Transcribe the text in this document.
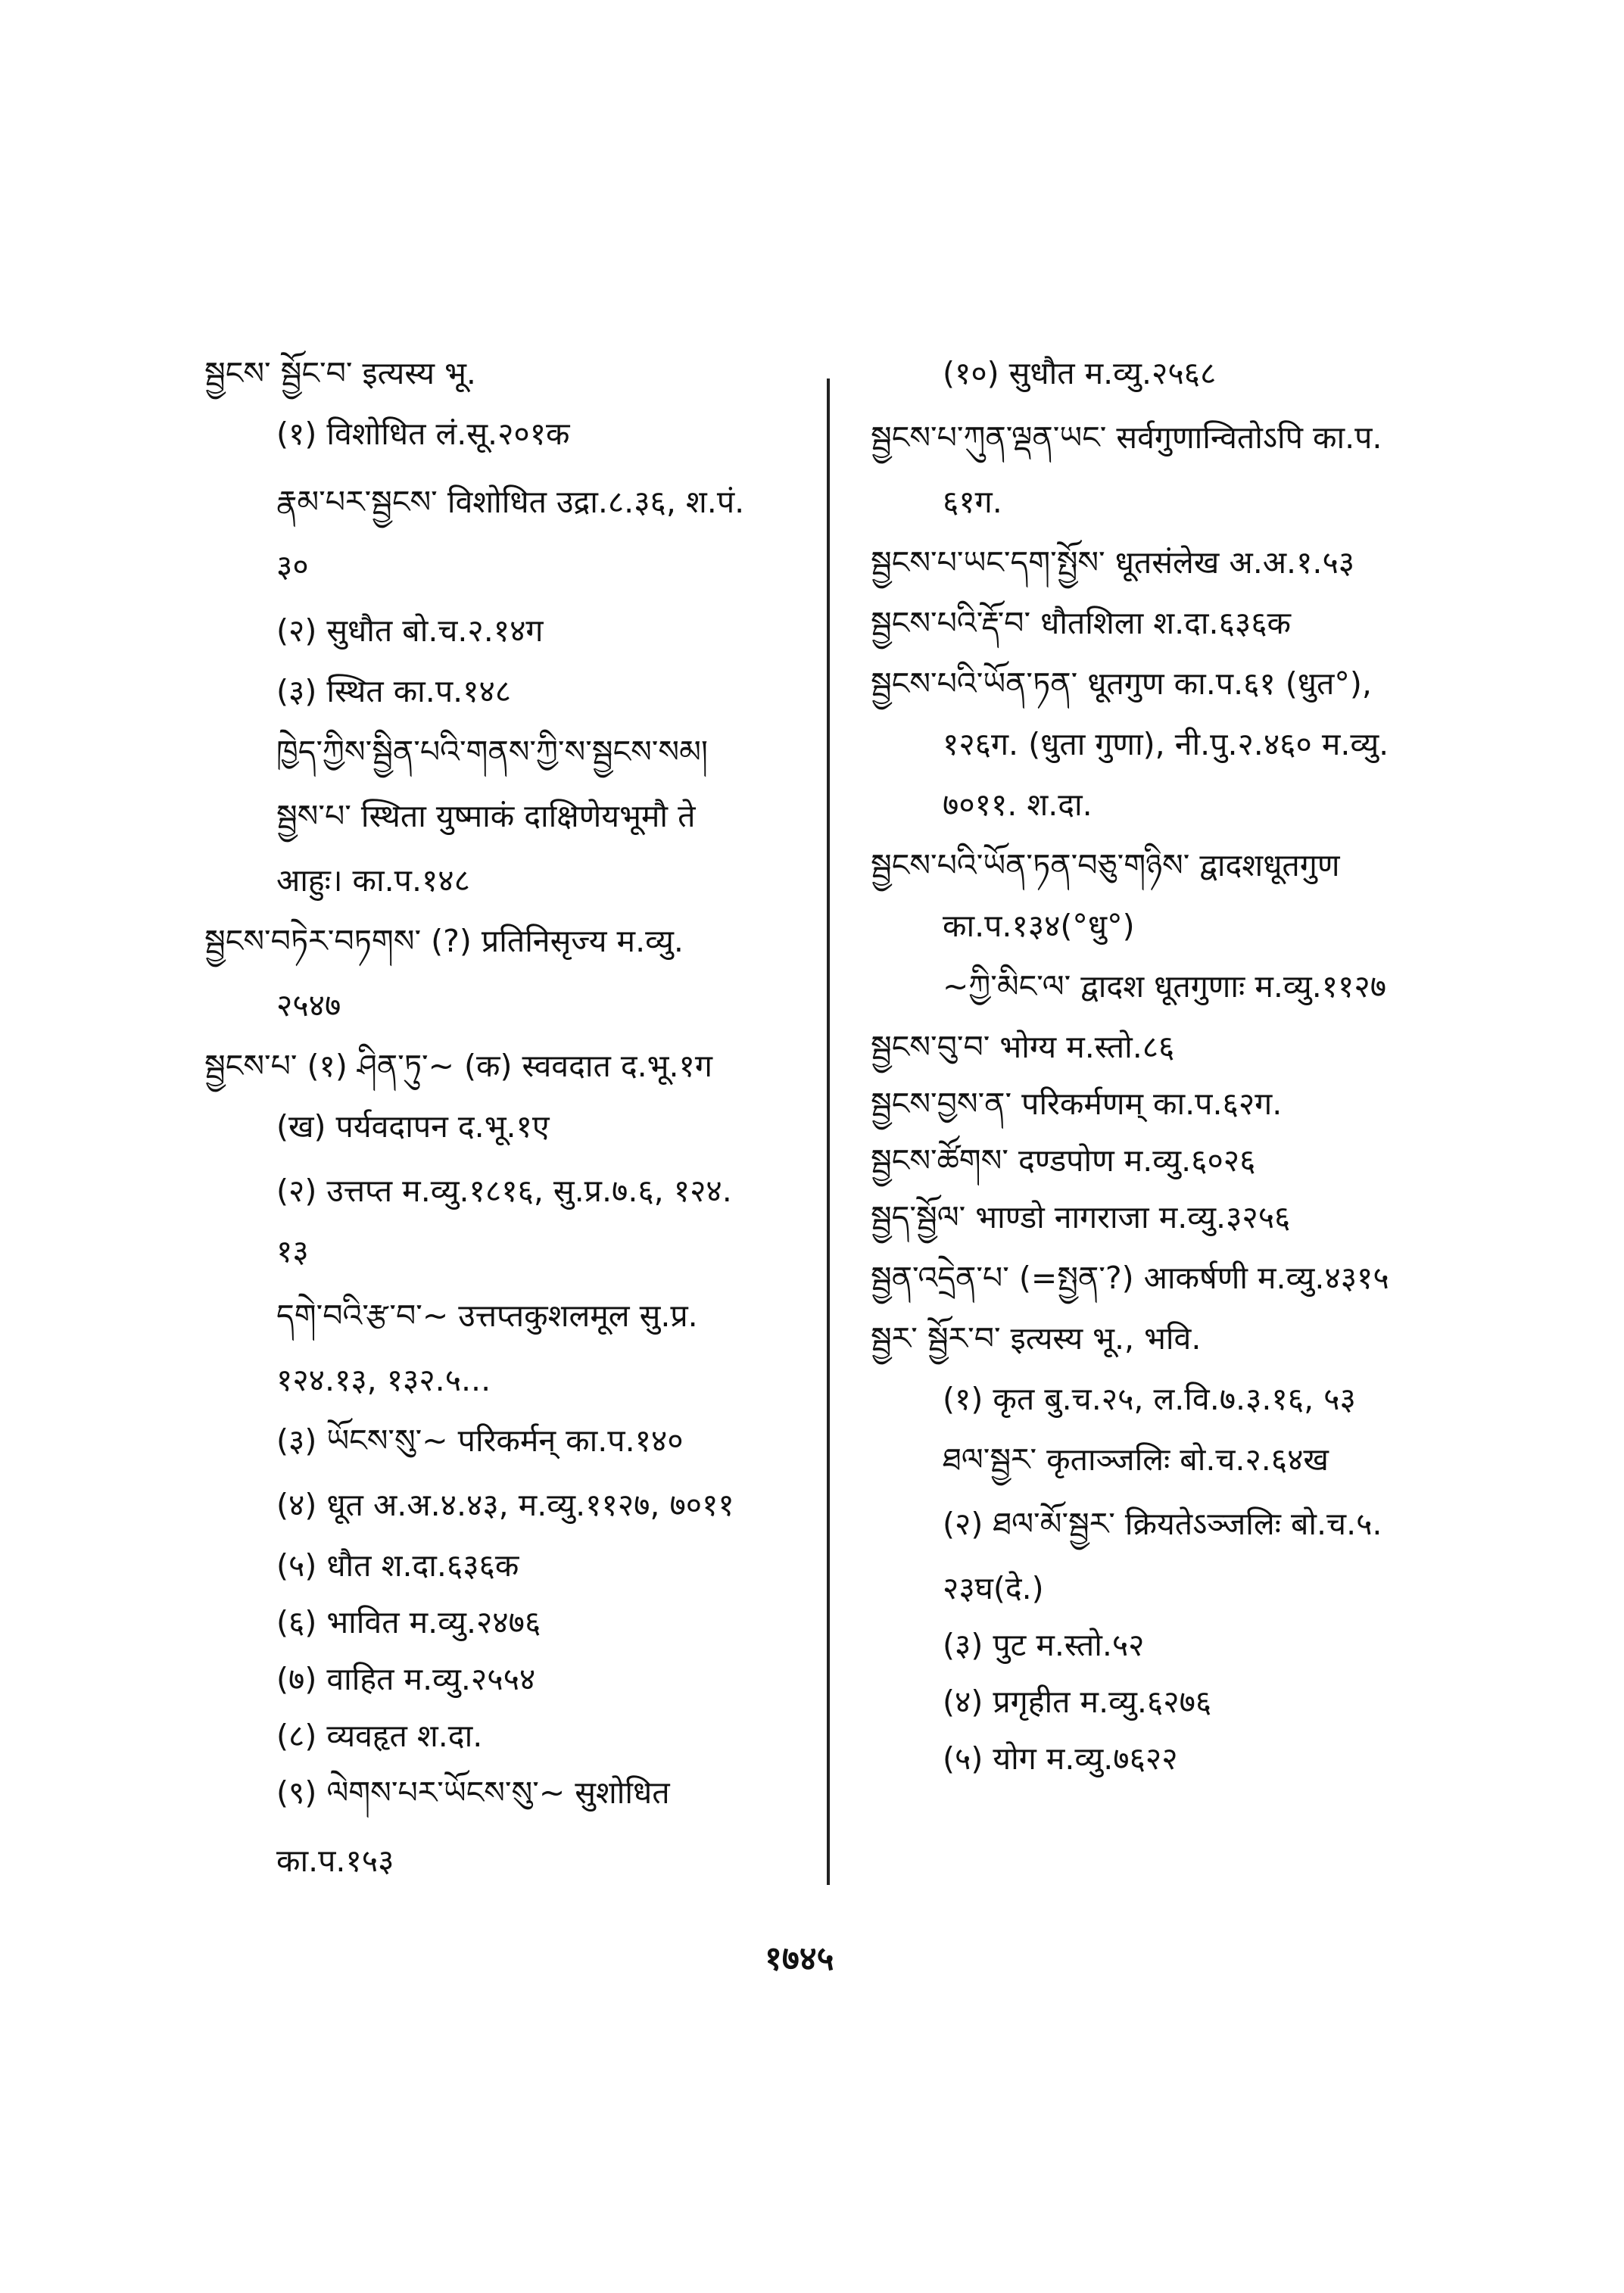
སྦྱངས་ སྦྱོང་བ་ इत्यस्य भू.
(१) विशोधित लं.सू.२०१क
རྣམ་པར་སྦྱངས་ विशोधित उद्रा.८.३६, श.पं.
३०
(२) सुधौत बो.च.२.१४ग
(३) स्थित का.प.१४८
ཁྱེད་ཀྱིས་སྦྱིན་པའི་གནས་ཀྱི་ས་སྦྱངས་སམ།
སྦྱས་པ་ स्थिता युष्माकं दाक्षिणेयभूमौ ते
आहुः। का.प.१४८
སྦྱངས་བཏེར་བཏགས་ (?) प्रतिनिसृज्य म.व्यु.
२५४७
སྦྱངས་པ་ (१) ཤིན་ཏུ་~ (क) स्ववदात द.भू.१ग
(ख) पर्यवदापन द.भू.१ए
(२) उत्तप्त म.व्यु.१८१६, सु.प्र.७.६, १२४.
१३
དགེ་བའི་རྩ་བ་~ उत्तप्तकुशलमूल सु.प्र.
१२४.१३, १३२.५...
(३) ཡོངས་སུ་~ परिकर्मन् का.प.१४०
(४) धूत अ.अ.४.४३, म.व्यु.११२७, ७०११
(५) धौत श.दा.६३६क
(६) भावित म.व्यु.२४७६
(७) वाहित म.व्यु.२५५४
(८) व्यवहृत श.दा.
(९) ལེགས་པར་ཡོངས་སུ་~ सुशोधित
का.प.१५३
(१०) सुधौत म.व्यु.२५६८
སྦྱངས་པ་ཀུན་ལྡན་ཡང་ सर्वगुणान्वितोऽपि का.प.
६१ग.
སྦྱངས་པ་ཡང་དག་སྤྱོས་ धूतसंलेख अ.अ.१.५३
སྦྱངས་པའི་རྡོ་བ་ धौतशिला श.दा.६३६क
སྦྱངས་པའི་ཡོན་ཏན་ धूतगुण का.प.६१ (धुत°),
१२६ग. (धुता गुणा), नी.पु.२.४६० म.व्यु.
७०११. श.दा.
སྦྱངས་པའི་ཡོན་ཏན་བཅུ་གཉིས་ द्वादशधूतगुण
का.प.१३४(°धु°)
~ཀྱི་མིང་ལ་ द्वादश धूतगुणाः म.व्यु.११२७
སྦྱངས་བུ་བ་ भोग्य म.स्तो.८६
སྦྱངས་བྱས་ན་ परिकर्मणम् का.प.६२ग.
སྦྱངས་ཚོགས་ दण्डपोण म.व्यु.६०२६
སྦྱད་སྦྱོལ་ भाण्डो नागराजा म.व्यु.३२५६
སྦྱན་འདྲེན་པ་ (=སྤྱན་?) आकर्षणी म.व्यु.४३१५
སྦྱར་ སྦྱོར་བ་ इत्यस्य भू., भवि.
(१) कृत बु.च.२५, ल.वि.७.३.१६, ५३
ཐལ་སྦྱར་ कृताञ्जलिः बो.च.२.६४ख
(२) ཐལ་མོ་སྦྱར་ क्रियतेऽञ्जलिः बो.च.५.
२३घ(दे.)
(३) पुट म.स्तो.५२
(४) प्रगृहीत म.व्यु.६२७६
(५) योग म.व्यु.७६२२
१७४५
